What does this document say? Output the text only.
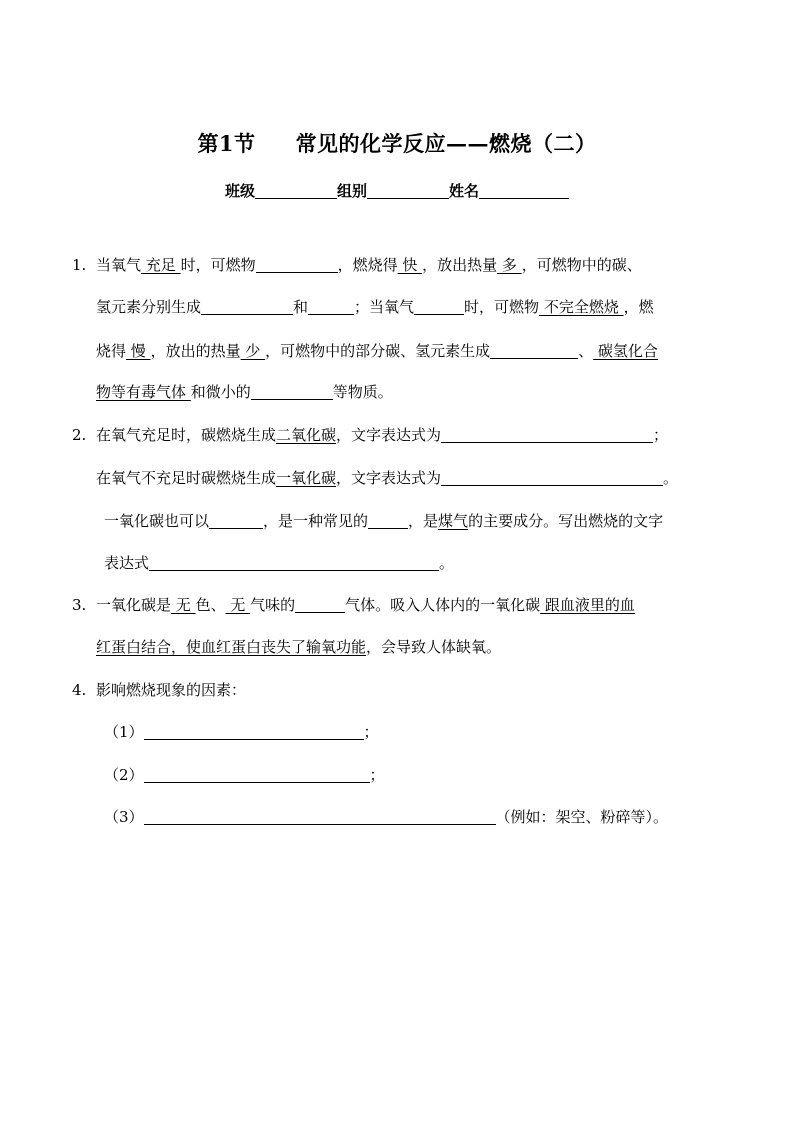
第1节 常见的化学反应——燃烧（二）
班级	组别	姓名
1. 当氧气 充足 时，可燃物	，燃烧得 快 ，放出热量 多 ，可燃物中的碳、
氢元素分别生成	和	；当氧气	时，可燃物 不完全燃烧 ，燃
烧得 慢 ，放出的热量 少 ，可燃物中的部分碳、氢元素生成	、 碳氢化合
物等有毒气体 和微小的	等物质。
2. 在氧气充足时，碳燃烧生成二氧化碳，文字表达式为	；
在氧气不充足时碳燃烧生成一氧化碳，文字表达式为	。
一氧化碳也可以	，是一种常见的	，是煤气的主要成分。写出燃烧的文字
表达式	。
3. 一氧化碳是 无 色、 无 气味的	气体。吸入人体内的一氧化碳 跟血液里的血
红蛋白结合，使血红蛋白丧失了输氧功能，会导致人体缺氧。
4. 影响燃烧现象的因素：
（1）	；
（2）	；
（3）	（例如：架空、粉碎等）。
